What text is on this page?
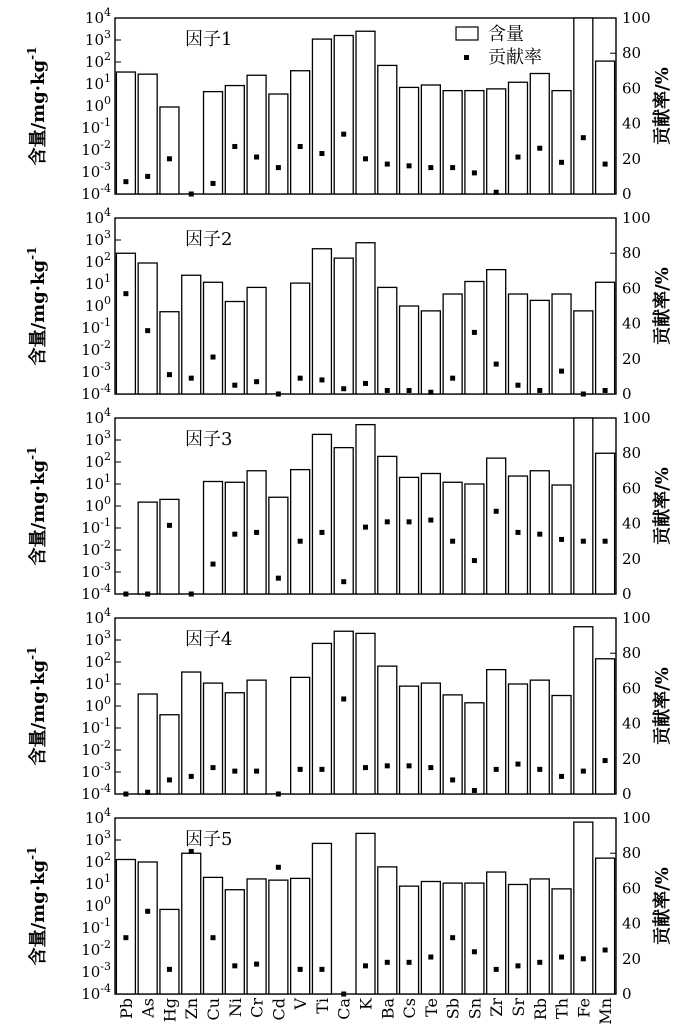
$10^4$
$10^3$
$10^2$
$10^1$
$10^0$
$10^{-1}$
$10^{-2}$
$10^{-3}$
$10^{-4}$	0
20
40
60
80
100
因子1
含量$/mg\cdot kg^{-1}$
贡献率/%
$10^4$
$10^3$
$10^2$
$10^1$
$10^0$
$10^{-1}$
$10^{-2}$
$10^{-3}$
$10^{-4}$	0
20
40
60
80
100
因子2
含量$/mg\cdot kg^{-1}$
贡献率/%
$10^4$
$10^3$
$10^2$
$10^1$
$10^0$
$10^{-1}$
$10^{-2}$
$10^{-3}$
$10^{-4}$	0
20
40
60
80
100
因子3
含量$/mg\cdot kg^{-1}$
贡献率/%
$10^4$
$10^3$
$10^2$
$10^1$
$10^0$
$10^{-1}$
$10^{-2}$
$10^{-3}$
$10^{-4}$	0
20
40
60
80
100
因子4
含量$/mg\cdot kg^{-1}$
贡献率/%
$10^4$
$10^3$
$10^2$
$10^1$
$10^0$
$10^{-1}$
$10^{-2}$
$10^{-3}$
$10^{-4}$	0
20
40
60
80
100
因子5
含量$/mg\cdot kg^{-1}$
贡献率/%
含量
贡献率
Pb As Hg Zn Cu Ni Cr Cd V Ti Ca K Ba Cs Te Sb Sn Zr Sr Rb Th Fe Mn
